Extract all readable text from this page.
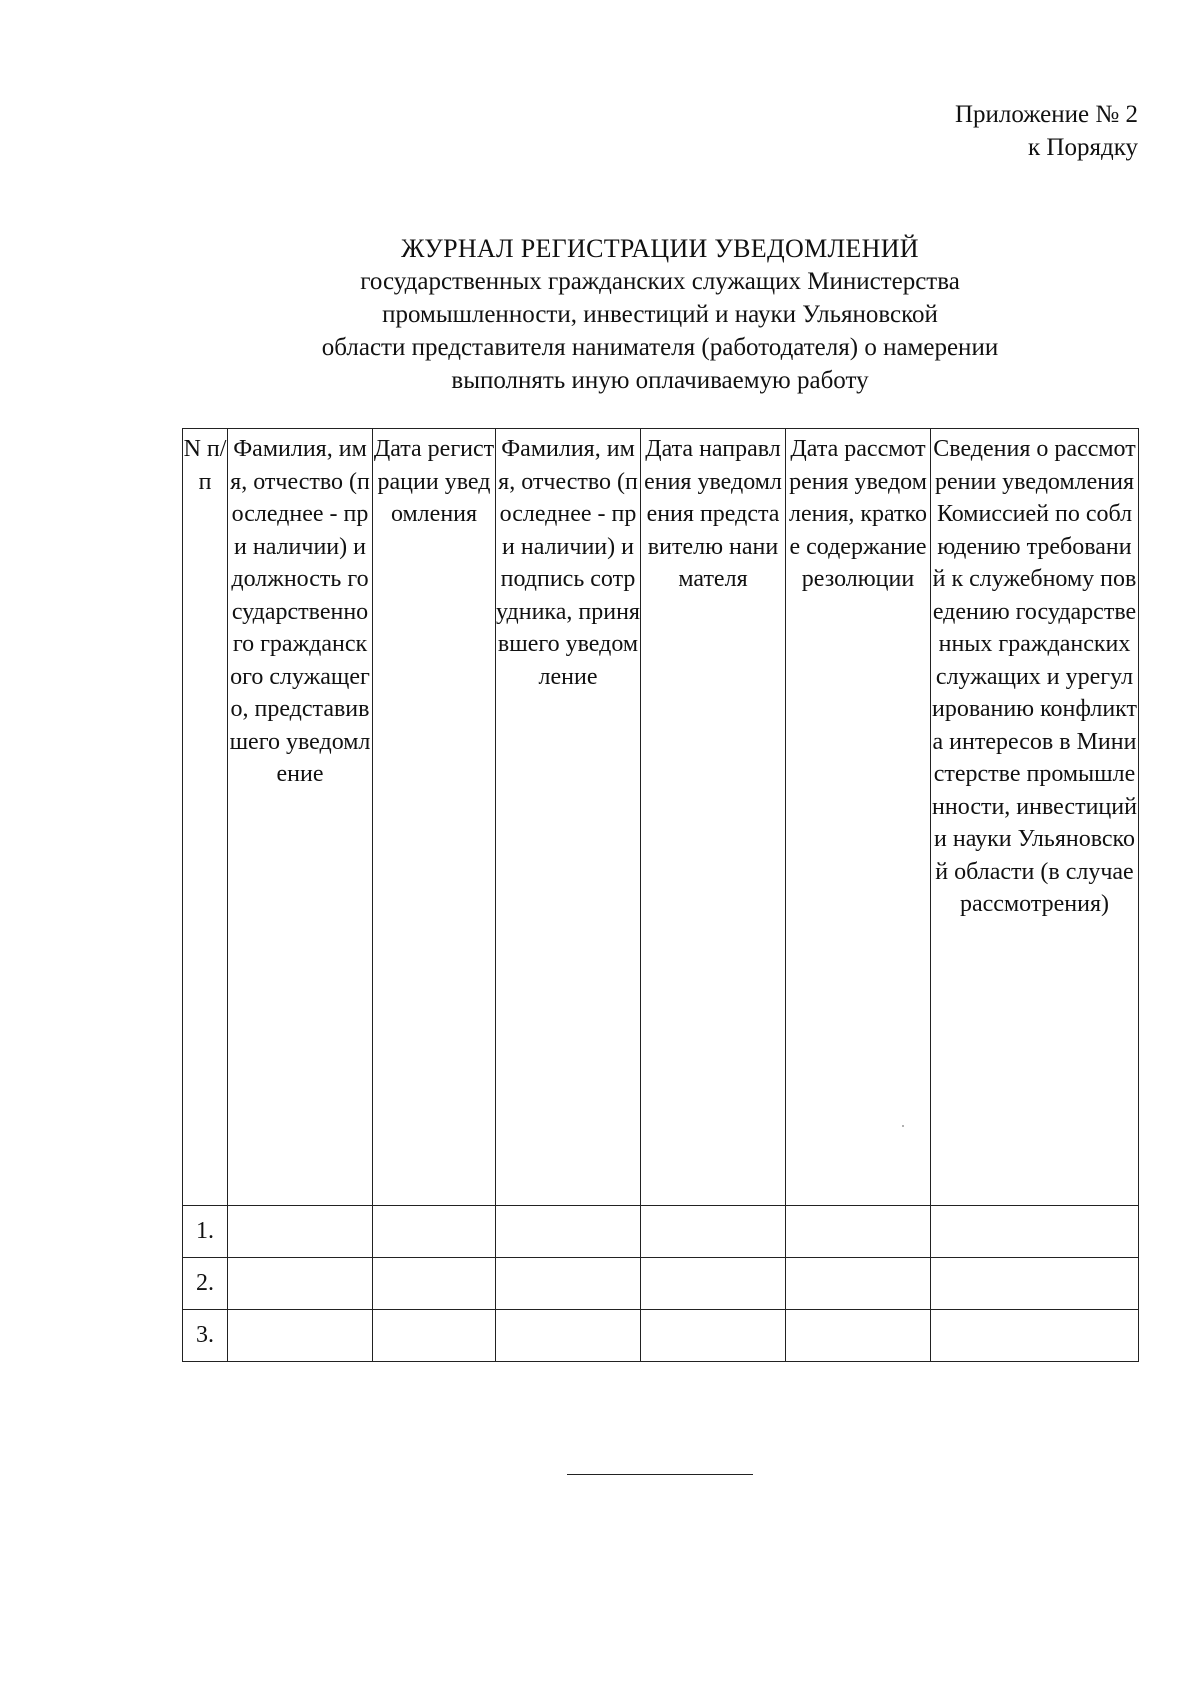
Приложение № 2
к Порядку
ЖУРНАЛ РЕГИСТРАЦИИ УВЕДОМЛЕНИЙ
государственных гражданских служащих Министерства
промышленности, инвестиций и науки Ульяновской
области представителя нанимателя (работодателя) о намерении
выполнять иную оплачиваемую работу
N п/п	Фамилия, имя, отчество (последнее - при наличии) и должность государственного гражданского служащего, представившего уведомление	Дата регистрации уведомления	Фамилия, имя, отчество (последнее - при наличии) и подпись сотрудника, принявшего уведомление	Дата направления уведомления представителю нанимателя	Дата рассмотрения уведомления, краткое содержание резолюции	Сведения о рассмотрении уведомления Комиссией по соблюдению требований к служебному поведению государственных гражданских служащих и урегулированию конфликта интересов в Министерстве промышленности, инвестиций и науки Ульяновской области (в случае рассмотрения)

1.						
2.						
3.						
